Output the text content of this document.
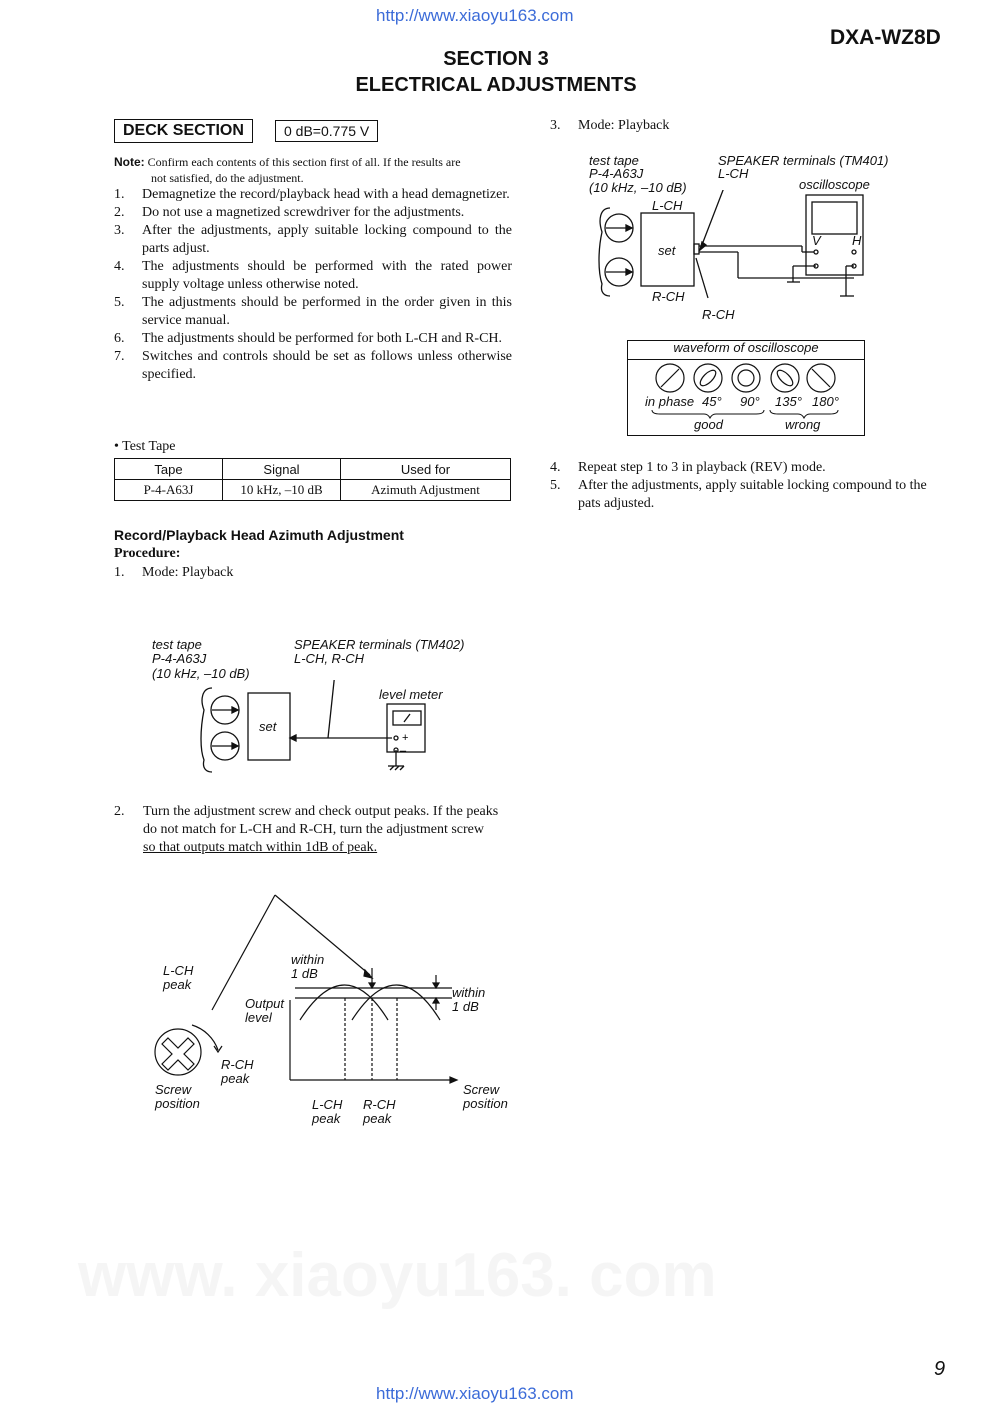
www. xiaoyu163. com
http://www.xiaoyu163.com
DXA-WZ8D
SECTION 3
ELECTRICAL ADJUSTMENTS
DECK SECTION	0 dB=0.775 V
Note: Confirm each contents of this section first of all. If the results are
not satisfied, do the adjustment.
1. Demagnetize the record/playback head with a head demagnetizer.
2. Do not use a magnetized screwdriver for the adjustments.
3. After the adjustments, apply suitable locking compound to the parts adjust.
4. The adjustments should be performed with the rated power supply voltage unless otherwise noted.
5. The adjustments should be performed in the order given in this service manual.
6. The adjustments should be performed for both L-CH and R-CH.
7. Switches and controls should be set as follows unless otherwise specified.
• Test Tape
Tape	Signal	Used for
P-4-A63J	10 kHz, –10 dB	Azimuth Adjustment
Record/Playback Head Azimuth Adjustment
Procedure:
1. Mode: Playback
+
–
test tape
P-4-A63J
(10 kHz, –10 dB)
SPEAKER terminals (TM402)
L-CH, R-CH
level meter
set
2. Turn the adjustment screw and check output peaks. If the peaks
do not match for L-CH and R-CH, turn the adjustment screw
so that outputs match within 1dB of peak.
L-CH
peak
R-CH
peak
Screw
position
Output
level
within
1 dB
within
1 dB
Screw
position
L-CH
peak
R-CH
peak
3. Mode: Playback
test tape
P-4-A63J
(10 kHz, –10 dB)
SPEAKER terminals (TM401)
L-CH
oscilloscope
L-CH
set
V H
R-CH
R-CH
waveform of oscilloscope
in phase 45° 90° 135° 180°
good	wrong
4. Repeat step 1 to 3 in playback (REV) mode.
5. After the adjustments, apply suitable locking compound to the
pats adjusted.
9
http://www.xiaoyu163.com
